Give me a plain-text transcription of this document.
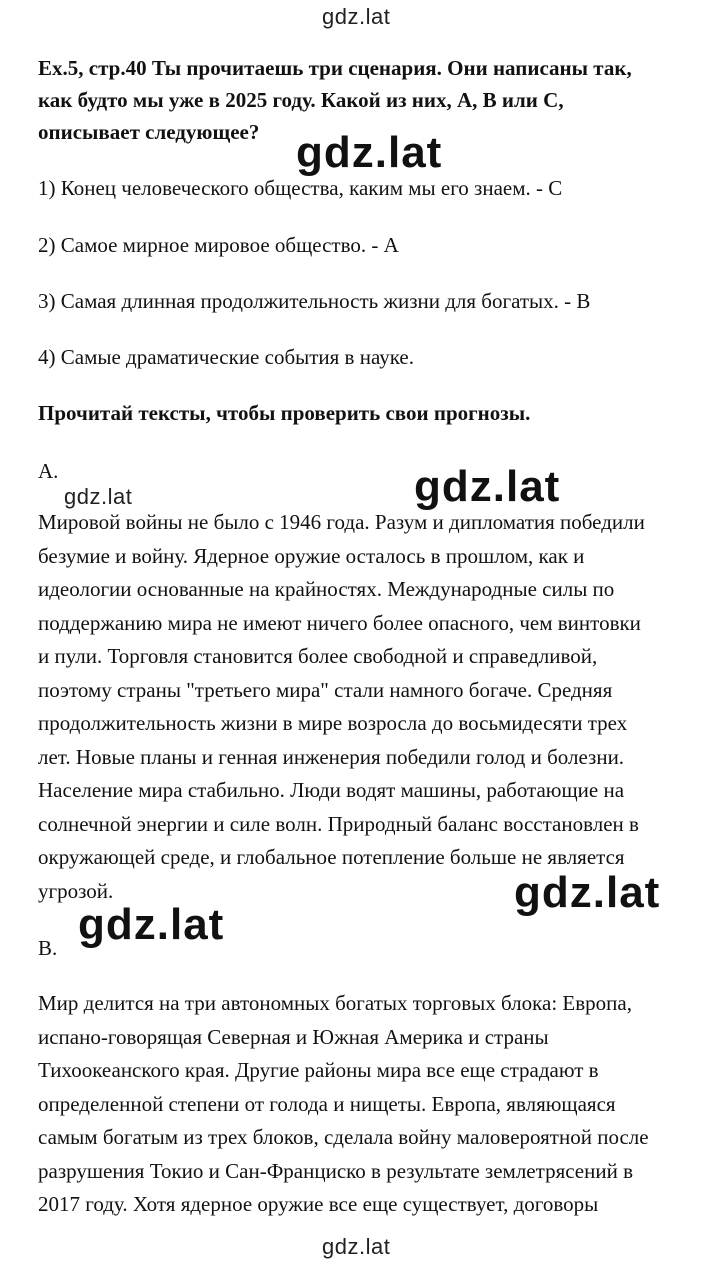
gdz.lat
gdz.lat
gdz.lat
Ex.5, стр.40 Ты прочитаешь три сценария. Они написаны так,
как будто мы уже в 2025 году. Какой из них, А, В или С,
описывает следующее?
1) Конец человеческого общества, каким мы его знаем. - С
2) Самое мирное мировое общество. - А
3) Самая длинная продолжительность жизни для богатых. - В
4) Самые драматические события в науке.
Прочитай тексты, чтобы проверить свои прогнозы.
A.
Мировой войны не было с 1946 года. Разум и дипломатия победили
безумие и войну. Ядерное оружие осталось в прошлом, как и
идеологии основанные на крайностях. Международные силы по
поддержанию мира не имеют ничего более опасного, чем винтовки
и пули. Торговля становится более свободной и справедливой,
поэтому страны "третьего мира" стали намного богаче. Средняя
продолжительность жизни в мире возросла до восьмидесяти трех
лет. Новые планы и генная инженерия победили голод и болезни.
Население мира стабильно. Люди водят машины, работающие на
солнечной энергии и силе волн. Природный баланс восстановлен в
окружающей среде, и глобальное потепление больше не является
угрозой.
B.
Мир делится на три автономных богатых торговых блока: Европа,
испано-говорящая Северная и Южная Америка и страны
Тихоокеанского края. Другие районы мира все еще страдают в
определенной степени от голода и нищеты. Европа, являющаяся
самым богатым из трех блоков, сделала войну маловероятной после
разрушения Токио и Сан-Франциско в результате землетрясений в
2017 году. Хотя ядерное оружие все еще существует, договоры
gdz.lat
gdz.lat
gdz.lat
gdz.lat
